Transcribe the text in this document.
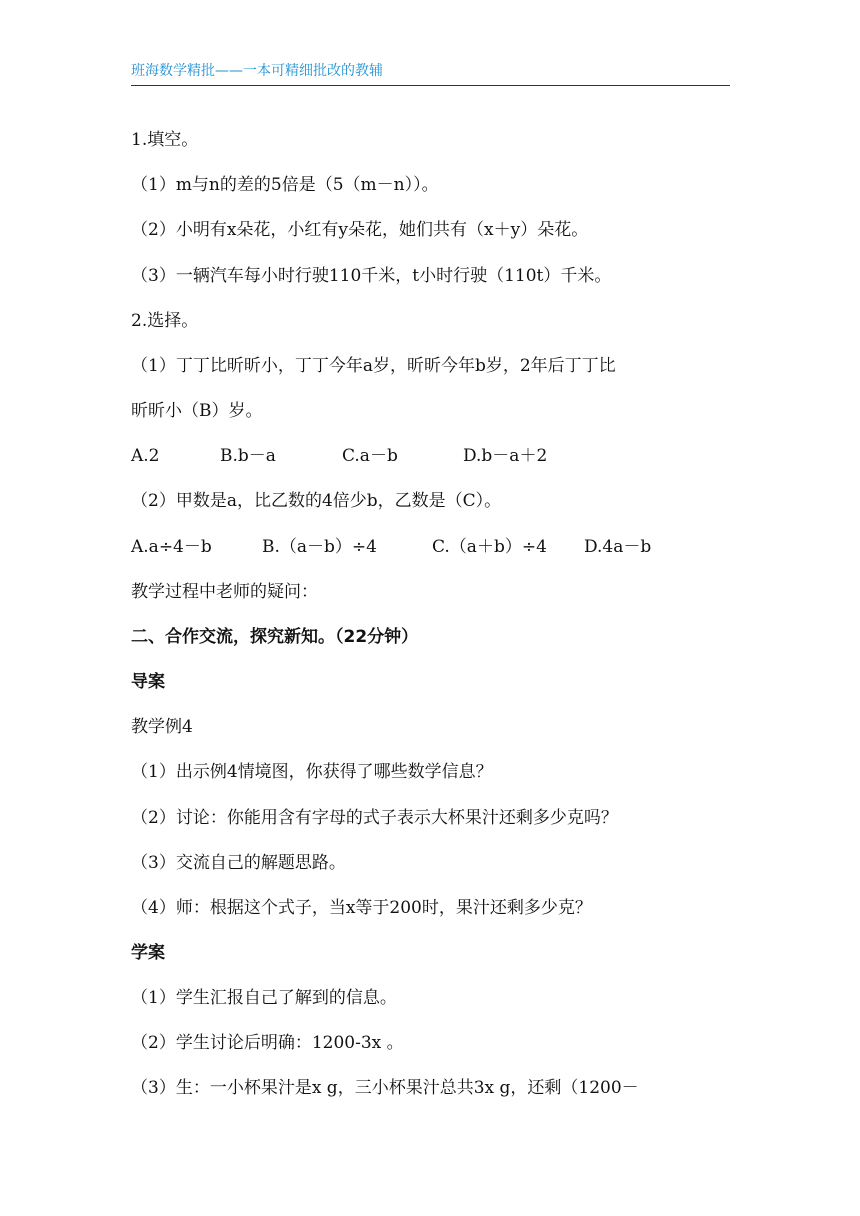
班海数学精批——一本可精细批改的教辅
1.填空。
（1）m与n的差的5倍是（5（m－n））。
（2）小明有x朵花，小红有y朵花，她们共有（x＋y）朵花。
（3）一辆汽车每小时行驶110千米，t小时行驶（110t）千米。
2.选择。
（1）丁丁比昕昕小，丁丁今年a岁，昕昕今年b岁，2年后丁丁比
昕昕小（B）岁。
A.2	B.b－a	C.a－b	D.b－a＋2
（2）甲数是a，比乙数的4倍少b，乙数是（C）。
A.a÷4－b	B.（a－b）÷4	C.（a＋b）÷4 D.4a－b
教学过程中老师的疑问：
二、合作交流，探究新知。（22分钟）
导案
教学例4
（1）出示例4情境图，你获得了哪些数学信息？
（2）讨论：你能用含有字母的式子表示大杯果汁还剩多少克吗？
（3）交流自己的解题思路。
（4）师：根据这个式子，当x等于200时，果汁还剩多少克？
学案
（1）学生汇报自己了解到的信息。
（2）学生讨论后明确：1200-3x 。
（3）生：一小杯果汁是x g，三小杯果汁总共3x g，还剩（1200－
